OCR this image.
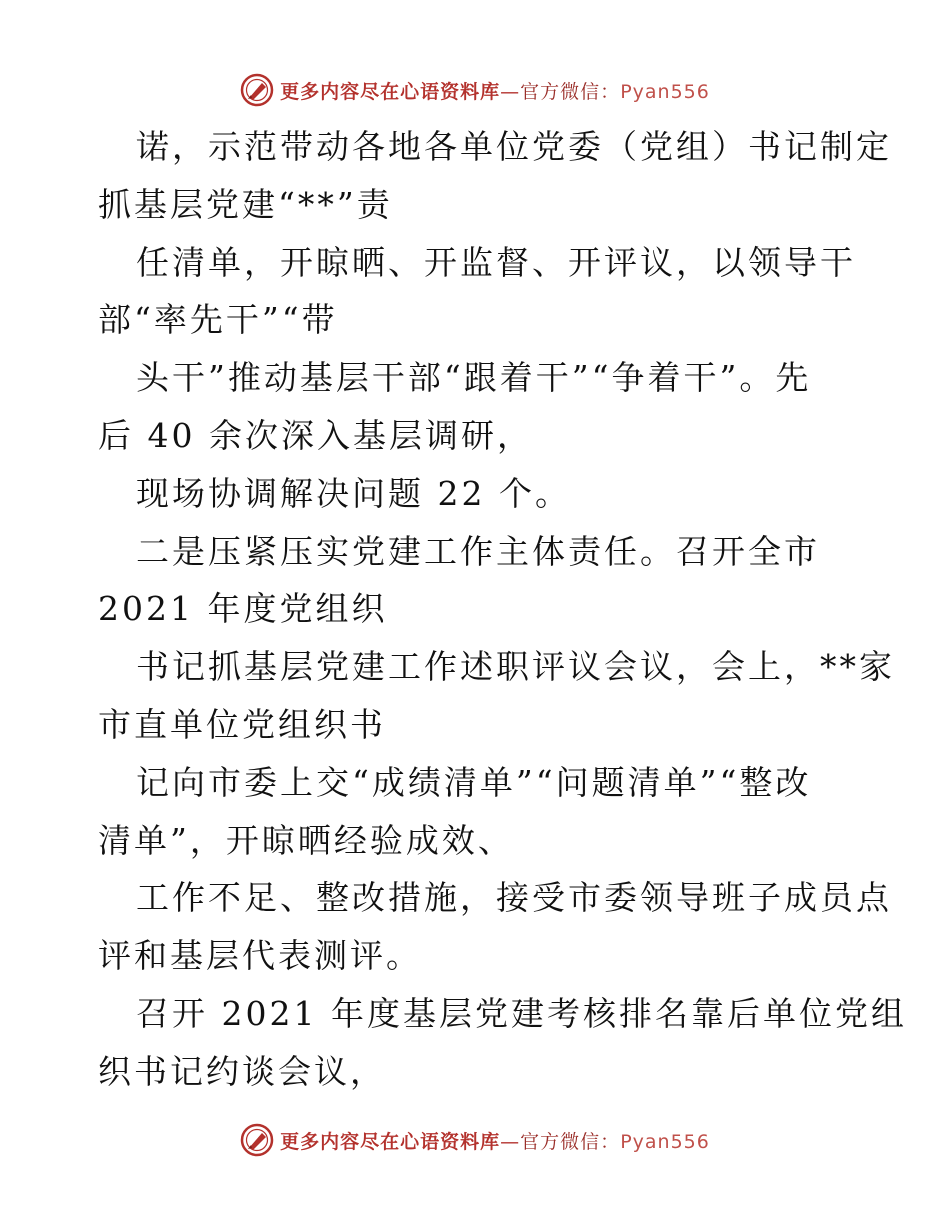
更多内容尽在心语资料库—官方微信：Pyan556
诺，示范带动各地各单位党委（党组）书记制定
抓基层党建“**”责
任清单，开晾晒、开监督、开评议，以领导干
部“率先干”“带
头干”推动基层干部“跟着干”“争着干”。先
后 40 余次深入基层调研，
现场协调解决问题 22 个。
二是压紧压实党建工作主体责任。召开全市
2021 年度党组织
书记抓基层党建工作述职评议会议，会上，**家
市直单位党组织书
记向市委上交“成绩清单”“问题清单”“整改
清单”，开晾晒经验成效、
工作不足、整改措施，接受市委领导班子成员点
评和基层代表测评。
召开 2021 年度基层党建考核排名靠后单位党组
织书记约谈会议，
更多内容尽在心语资料库—官方微信：Pyan556
